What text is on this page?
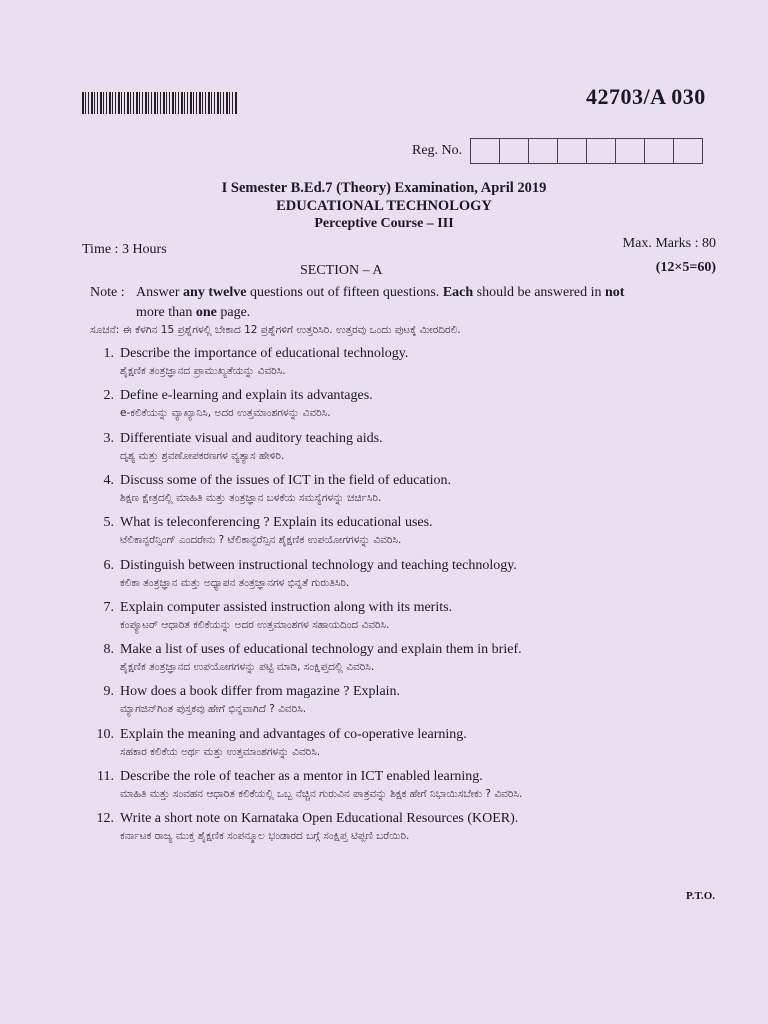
42703/A 030
Reg. No.
I Semester B.Ed.7 (Theory) Examination, April 2019
EDUCATIONAL TECHNOLOGY
Perceptive Course – III
Time : 3 Hours	Max. Marks : 80
SECTION – A	(12×5=60)
Note : Answer any twelve questions out of fifteen questions. Each should be answered in not
more than one page.
ಸೂಚನೆ: ಈ ಕೆಳಗಿನ 15 ಪ್ರಶ್ನೆಗಳಲ್ಲಿ ಬೇಕಾದ 12 ಪ್ರಶ್ನೆಗಳಿಗೆ ಉತ್ತರಿಸಿರಿ. ಉತ್ತರವು ಒಂದು ಪುಟಕ್ಕೆ ಮೀರದಿರಲಿ.
1. Describe the importance of educational technology.
ಶೈಕ್ಷಣಿಕ ತಂತ್ರಜ್ಞಾನದ ಪ್ರಾಮುಖ್ಯತೆಯನ್ನು ವಿವರಿಸಿ.
2. Define e-learning and explain its advantages.
e-ಕಲಿಕೆಯನ್ನು ವ್ಯಾಖ್ಯಾನಿಸಿ, ಅದರ ಉತ್ತಮಾಂಶಗಳನ್ನು ವಿವರಿಸಿ.
3. Differentiate visual and auditory teaching aids.
ದೃಶ್ಯ ಮತ್ತು ಶ್ರವಣೋಪಕರಣಗಳ ವ್ಯತ್ಯಾಸ ಹೇಳಿರಿ.
4. Discuss some of the issues of ICT in the field of education.
ಶಿಕ್ಷಣ ಕ್ಷೇತ್ರದಲ್ಲಿ ಮಾಹಿತಿ ಮತ್ತು ತಂತ್ರಜ್ಞಾನ ಬಳಕೆಯ ಸಮಸ್ಯೆಗಳನ್ನು ಚರ್ಚಿಸಿರಿ.
5. What is teleconferencing ? Explain its educational uses.
ಟೆಲಿಕಾನ್ಫರೆನ್ಸಿಂಗ್ ಎಂದರೇನು ? ಟೆಲಿಕಾನ್ಫರೆನ್ಸಿನ ಶೈಕ್ಷಣಿಕ ಉಪಯೋಗಗಳನ್ನು ವಿವರಿಸಿ.
6. Distinguish between instructional technology and teaching technology.
ಕಲಿಕಾ ತಂತ್ರಜ್ಞಾನ ಮತ್ತು ಅಧ್ಯಾಪನ ತಂತ್ರಜ್ಞಾನಗಳ ಭಿನ್ನತೆ ಗುರುತಿಸಿರಿ.
7. Explain computer assisted instruction along with its merits.
ಕಂಪ್ಯೂಟರ್ ಆಧಾರಿತ ಕಲಿಕೆಯನ್ನು ಅದರ ಉತ್ತಮಾಂಶಗಳ ಸಹಾಯದಿಂದ ವಿವರಿಸಿ.
8. Make a list of uses of educational technology and explain them in brief.
ಶೈಕ್ಷಣಿಕ ತಂತ್ರಜ್ಞಾನದ ಉಪಯೋಗಗಳನ್ನು ಪಟ್ಟಿ ಮಾಡಿ, ಸಂಕ್ಷಿಪ್ತದಲ್ಲಿ ವಿವರಿಸಿ.
9. How does a book differ from magazine ? Explain.
ಮ್ಯಾಗಜಿನ್‌ಗಿಂತ ಪುಸ್ತಕವು ಹೇಗೆ ಭಿನ್ನವಾಗಿದೆ ? ವಿವರಿಸಿ.
10. Explain the meaning and advantages of co-operative learning.
ಸಹಕಾರ ಕಲಿಕೆಯ ಅರ್ಥ ಮತ್ತು ಉತ್ತಮಾಂಶಗಳನ್ನು ವಿವರಿಸಿ.
11. Describe the role of teacher as a mentor in ICT enabled learning.
ಮಾಹಿತಿ ಮತ್ತು ಸಂವಹನ ಆಧಾರಿತ ಕಲಿಕೆಯಲ್ಲಿ ಒಬ್ಬ ನೆಚ್ಚಿನ ಗುರುವಿನ ಪಾತ್ರವನ್ನು ಶಿಕ್ಷಕ ಹೇಗೆ ನಿಭಾಯಿಸಬೇಕು ? ವಿವರಿಸಿ.
12. Write a short note on Karnataka Open Educational Resources (KOER).
ಕರ್ನಾಟಕ ರಾಜ್ಯ ಮುಕ್ತ ಶೈಕ್ಷಣಿಕ ಸಂಪನ್ಮೂಲ ಭಂಡಾರದ ಬಗ್ಗೆ ಸಂಕ್ಷಿಪ್ತ ಟಿಪ್ಪಣಿ ಬರೆಯಿರಿ.
P.T.O.
